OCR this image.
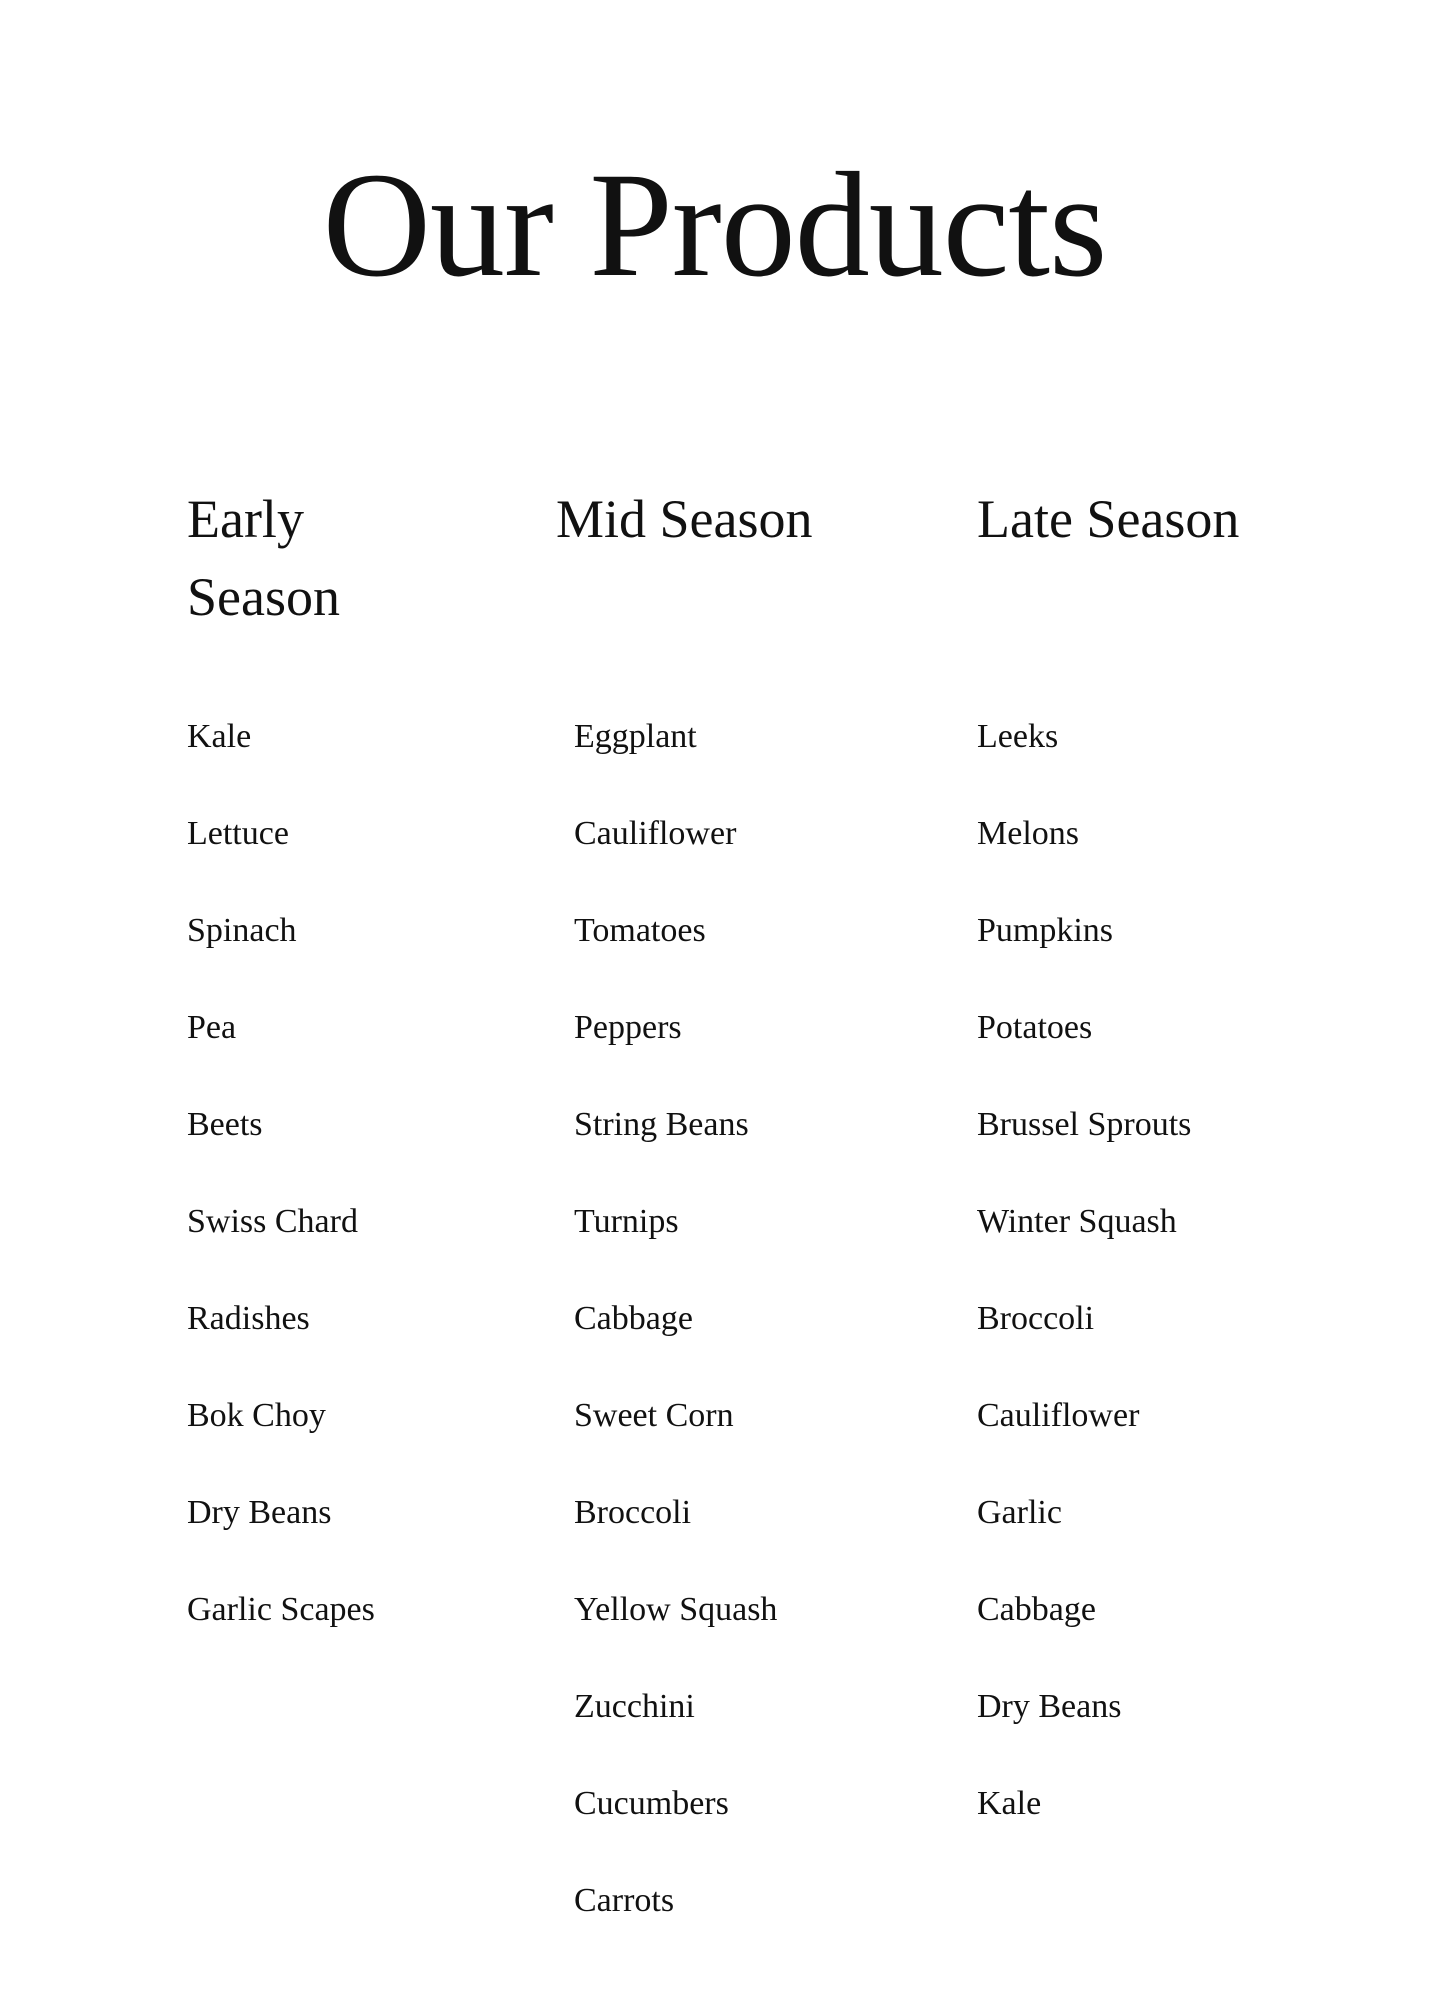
Our Products
Early Season
Kale
Lettuce
Spinach
Pea
Beets
Swiss Chard
Radishes
Bok Choy
Dry Beans
Garlic Scapes
Mid Season
Eggplant
Cauliflower
Tomatoes
Peppers
String Beans
Turnips
Cabbage
Sweet Corn
Broccoli
Yellow Squash
Zucchini
Cucumbers
Carrots
Late Season
Leeks
Melons
Pumpkins
Potatoes
Brussel Sprouts
Winter Squash
Broccoli
Cauliflower
Garlic
Cabbage
Dry Beans
Kale
